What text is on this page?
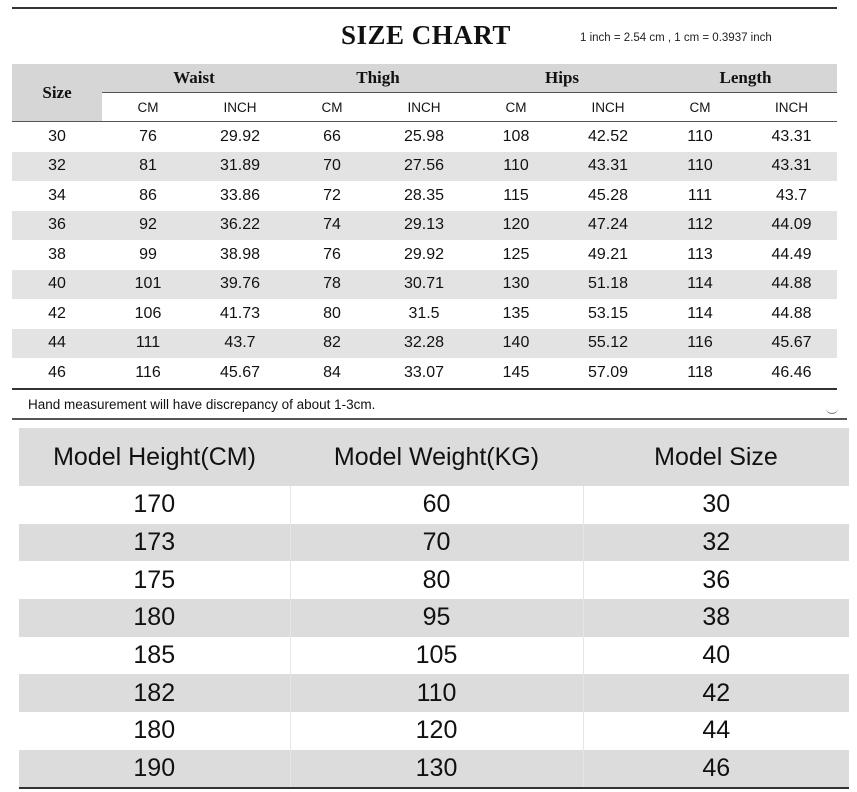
SIZE CHART	1 inch = 2.54 cm , 1 cm = 0.3937 inch
Size	Waist		Thigh		Hips		Length	
	CM	INCH	CM	INCH	CM	INCH	CM	INCH
30	76	29.92	66	25.98	108	42.52	110	43.31
32	81	31.89	70	27.56	110	43.31	110	43.31
34	86	33.86	72	28.35	115	45.28	111	43.7
36	92	36.22	74	29.13	120	47.24	112	44.09
38	99	38.98	76	29.92	125	49.21	113	44.49
40	101	39.76	78	30.71	130	51.18	114	44.88
42	106	41.73	80	31.5	135	53.15	114	44.88
44	111	43.7	82	32.28	140	55.12	116	45.67
46	116	45.67	84	33.07	145	57.09	118	46.46
Hand measurement will have discrepancy of about 1-3cm.
Model Height(CM)	Model Weight(KG)	Model Size
170	60	30
173	70	32
175	80	36
180	95	38
185	105	40
182	110	42
180	120	44
190	130	46
